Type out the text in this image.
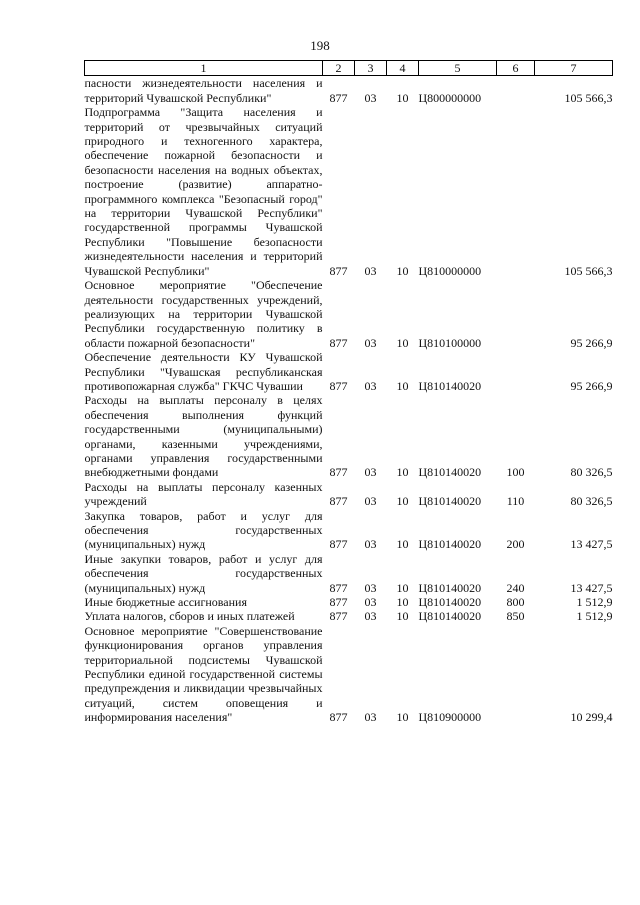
198
1	2	3	4	5	6	7
пасности жизнедеятельности населения и территорий Чувашской Республики"	877	03	10	Ц800000000		105 566,3
Подпрограмма "Защита населения и территорий от чрезвычайных ситуаций природного и техногенного характера, обеспечение пожарной безопасности и безопасности населения на водных объектах, построение (развитие) аппаратно-программного комплекса "Безопасный город" на территории Чувашской Республики" государственной программы Чувашской Республики "Повышение безопасности жизнедеятельности населения и территорий Чувашской Республики"	877	03	10	Ц810000000		105 566,3
Основное мероприятие "Обеспечение деятельности государственных учреждений, реализующих на территории Чувашской Республики государственную политику в области пожарной безопасности"	877	03	10	Ц810100000		95 266,9
Обеспечение деятельности КУ Чувашской Республики "Чувашская республиканская противопожарная служба" ГКЧС Чувашии	877	03	10	Ц810140020		95 266,9
Расходы на выплаты персоналу в целях обеспечения выполнения функций государственными (муниципальными) органами, казенными учреждениями, органами управления государственными внебюджетными фондами	877	03	10	Ц810140020	100	80 326,5
Расходы на выплаты персоналу казенных учреждений	877	03	10	Ц810140020	110	80 326,5
Закупка товаров, работ и услуг для обеспечения государственных (муниципальных) нужд	877	03	10	Ц810140020	200	13 427,5
Иные закупки товаров, работ и услуг для обеспечения государственных (муниципальных) нужд	877	03	10	Ц810140020	240	13 427,5
Иные бюджетные ассигнования	877	03	10	Ц810140020	800	1 512,9
Уплата налогов, сборов и иных платежей	877	03	10	Ц810140020	850	1 512,9
Основное мероприятие "Совершенствование функционирования органов управления территориальной подсистемы Чувашской Республики единой государственной системы предупреждения и ликвидации чрезвычайных ситуаций, систем оповещения и информирования населения"	877	03	10	Ц810900000		10 299,4
